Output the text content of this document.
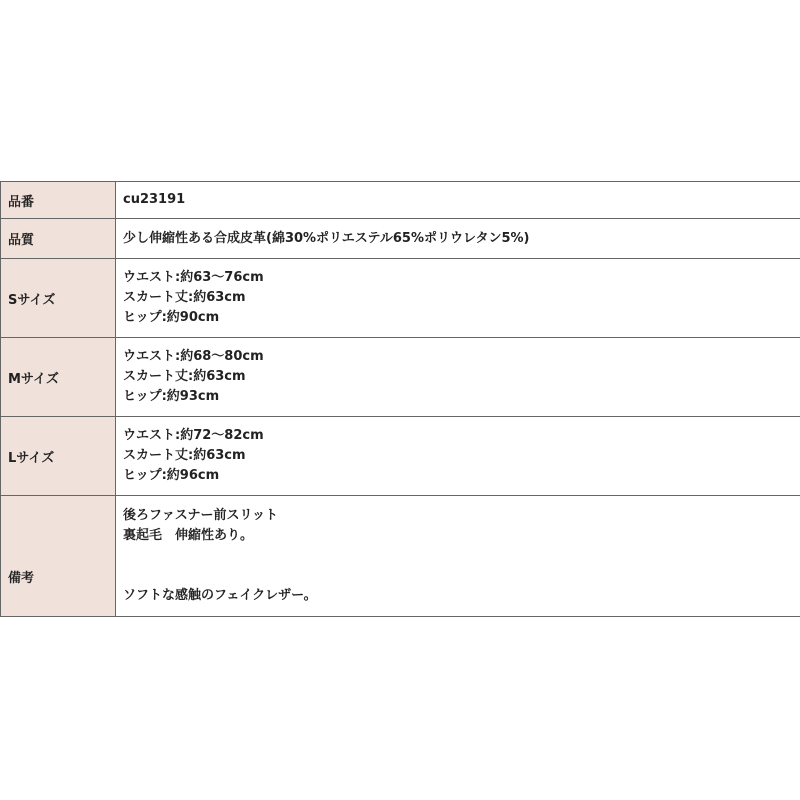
品番	cu23191

品質	少し伸縮性ある合成皮革(綿30%ポリエステル65%ポリウレタン5%)

Sサイズ	ウエスト:約63〜76cm
スカート丈:約63cm
ヒップ:約90cm

Mサイズ	ウエスト:約68〜80cm
スカート丈:約63cm
ヒップ:約93cm

Lサイズ	ウエスト:約72〜82cm
スカート丈:約63cm
ヒップ:約96cm

備考	後ろファスナー前スリット
裏起毛　伸縮性あり。
ソフトな感触のフェイクレザー。
